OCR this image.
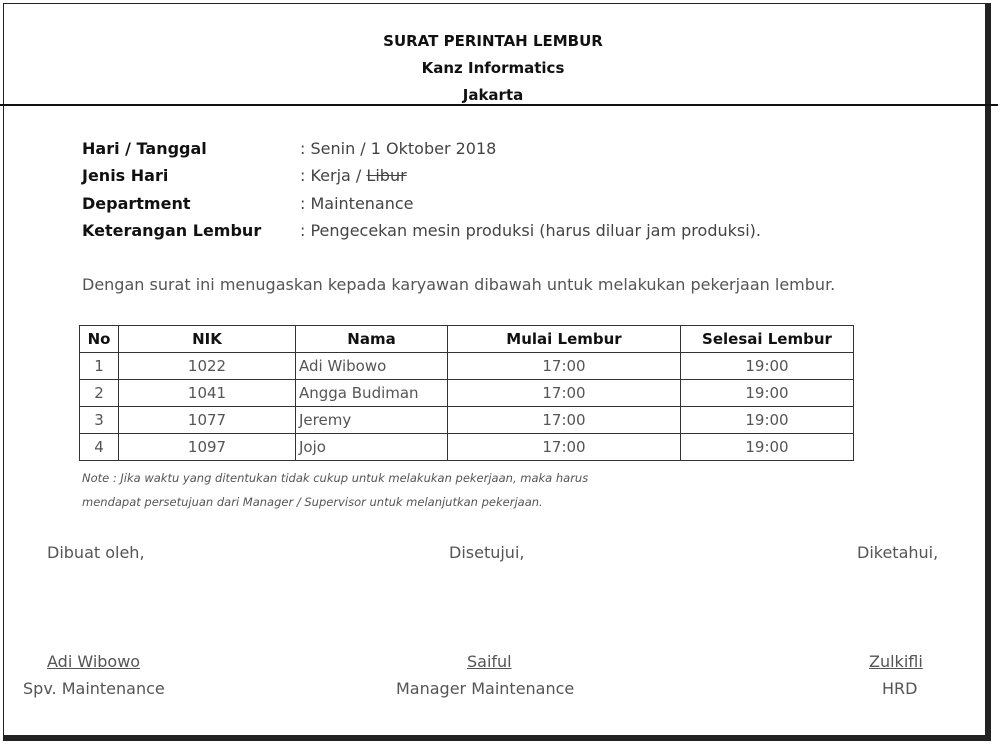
SURAT PERINTAH LEMBUR
Kanz Informatics
Jakarta
Hari / Tanggal	: Senin / 1 Oktober 2018
Jenis Hari	: Kerja / Libur
Department	: Maintenance
Keterangan Lembur : Pengecekan mesin produksi (harus diluar jam produksi).
Dengan surat ini menugaskan kepada karyawan dibawah untuk melakukan pekerjaan lembur.
No	NIK	Nama	Mulai Lembur	Selesai Lembur
1	1022	Adi Wibowo	17:00	19:00
2	1041	Angga Budiman	17:00	19:00
3	1077	Jeremy	17:00	19:00
4	1097	Jojo	17:00	19:00
Note : Jika waktu yang ditentukan tidak cukup untuk melakukan pekerjaan, maka harus
mendapat persetujuan dari Manager / Supervisor untuk melanjutkan pekerjaan.
Dibuat oleh,	Disetujui,	Diketahui,
Adi Wibowo	Saiful	Zulkifli
Spv. Maintenance	Manager Maintenance	HRD
